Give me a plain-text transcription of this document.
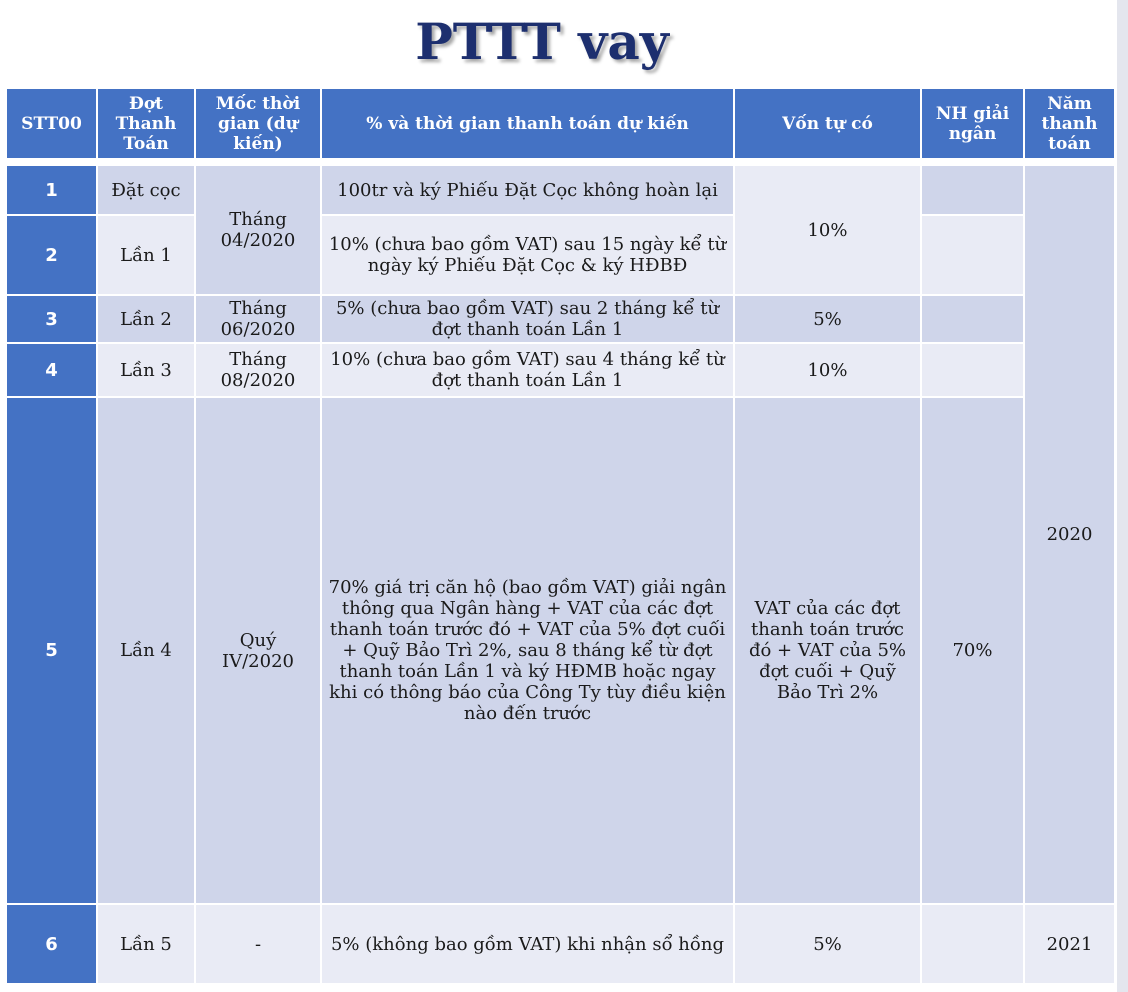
PTTT vay
STT00	Đợt Thanh Toán	Mốc thời gian (dự kiến)	% và thời gian thanh toán dự kiến	Vốn tự có	NH giải ngân	Năm thanh toán

1	Đặt cọc	Tháng 04/2020	100tr và ký Phiếu Đặt Cọc không hoàn lại	10%		2020
2	Lần 1		10% (chưa bao gồm VAT) sau 15 ngày kể từ ngày ký Phiếu Đặt Cọc & ký HĐBĐ			
3	Lần 2	Tháng 06/2020	5% (chưa bao gồm VAT) sau 2 tháng kể từ đợt thanh toán Lần 1	5%		
4	Lần 3	Tháng 08/2020	10% (chưa bao gồm VAT) sau 4 tháng kể từ đợt thanh toán Lần 1	10%		
5	Lần 4	Quý IV/2020	70% giá trị căn hộ (bao gồm VAT) giải ngân thông qua Ngân hàng + VAT của các đợt thanh toán trước đó + VAT của 5% đợt cuối + Quỹ Bảo Trì 2%, sau 8 tháng kể từ đợt thanh toán Lần 1 và ký HĐMB hoặc ngay khi có thông báo của Công Ty tùy điều kiện nào đến trước	VAT của các đợt thanh toán trước đó + VAT của 5% đợt cuối + Quỹ Bảo Trì 2%	70%	
6	Lần 5	-	5% (không bao gồm VAT) khi nhận sổ hồng	5%		2021
